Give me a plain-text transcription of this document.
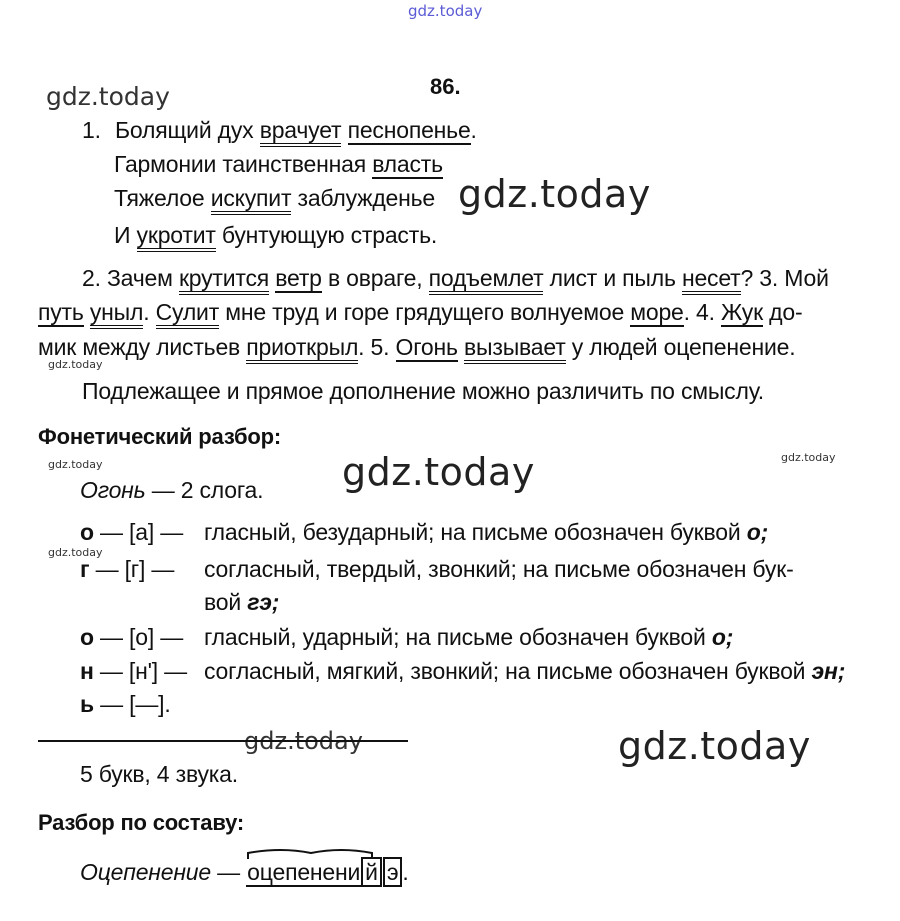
gdz.today
gdz.today
gdz.today
gdz.today
gdz.today	gdz.today	gdz.today
gdz.today
gdz.today	gdz.today
86.
1. Болящий дух врачует песнопенье.
Гармонии таинственная власть
Тяжелое искупит заблужденье
И укротит бунтующую страсть.
2. Зачем крутится ветр в овраге, подъемлет лист и пыль несет? 3. Мой
путь уныл. Сулит мне труд и горе грядущего волнуемое море. 4. Жук до-
мик между листьев приоткрыл. 5. Огонь вызывает у людей оцепенение.
Подлежащее и прямое дополнение можно различить по смыслу.
Фонетический разбор:
Огонь — 2 слога.
о — [а] — гласный, безударный; на письме обозначен буквой о;
г — [г] — согласный, твердый, звонкий; на письме обозначен бук-
вой гэ;
о — [о] — гласный, ударный; на письме обозначен буквой о;
н — [н'] — согласный, мягкий, звонкий; на письме обозначен буквой эн;
ь — [—].
5 букв, 4 звука.
Разбор по составу:
Оцепенение — оцепенени й э .
